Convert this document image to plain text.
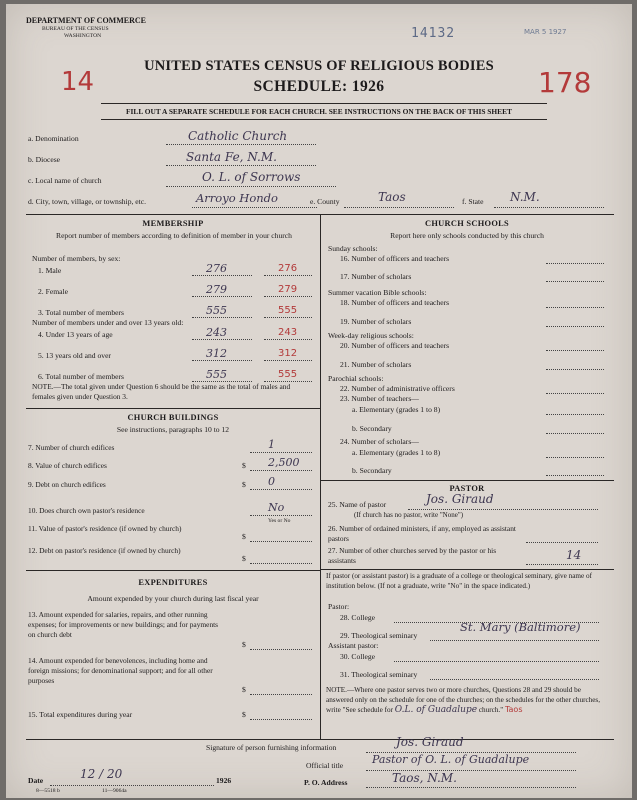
DEPARTMENT OF COMMERCE
BUREAU OF THE CENSUS
WASHINGTON	14132	MAR 5 1927
14	178
UNITED STATES CENSUS OF RELIGIOUS BODIES
SCHEDULE: 1926
FILL OUT A SEPARATE SCHEDULE FOR EACH CHURCH. SEE INSTRUCTIONS ON THE BACK OF THIS SHEET
a. Denomination	Catholic Church
b. Diocese	Santa Fe, N.M.
c. Local name of church	O. L. of Sorrows
d. City, town, village, or township, etc.	Arroyo Hondo	e. County	Taos	f. State N.M.
MEMBERSHIP
Report number of members according to definition of member in your church
Number of members, by sex:
1. Male	276	276
2. Female	279	279
3. Total number of members	555	555
Number of members under and over 13 years old:
4. Under 13 years of age	243	243
5. 13 years old and over	312	312
6. Total number of members	555	555
NOTE.—The total given under Question 6 should be the same as the total of males and females given under Question 3.
CHURCH BUILDINGS
See instructions, paragraphs 10 to 12
7. Number of church edifices	1
8. Value of church edifices	$ 2,500
9. Debt on church edifices	$ 0
10. Does church own pastor's residence	No
Yes or No
11. Value of pastor's residence (if owned by church)
$
12. Debt on pastor's residence (if owned by church)
$
EXPENDITURES
Amount expended by your church during last fiscal year
13. Amount expended for salaries, repairs, and other running expenses; for improvements or new buildings; and for payments on church debt
$
14. Amount expended for benevolences, including home and foreign missions; for denominational support; and for all other purposes
$
15. Total expenditures during year	$
CHURCH SCHOOLS
Report here only schools conducted by this church
Sunday schools:
16. Number of officers and teachers
17. Number of scholars
Summer vacation Bible schools:
18. Number of officers and teachers
19. Number of scholars
Week-day religious schools:
20. Number of officers and teachers
21. Number of scholars
Parochial schools:
22. Number of administrative officers
23. Number of teachers—
a. Elementary (grades 1 to 8)
b. Secondary
24. Number of scholars—
a. Elementary (grades 1 to 8)
b. Secondary
PASTOR
25. Name of pastor	Jos. Giraud
(If church has no pastor, write "None")
26. Number of ordained ministers, if any, employed as assistant pastors
27. Number of other churches served by the pastor or his assistants	14
If pastor (or assistant pastor) is a graduate of a college or theological seminary, give name of institution below. (If not a graduate, write "No" in the space indicated.)
Pastor:
28. College
29. Theological seminary
St. Mary (Baltimore)
Assistant pastor:
30. College
31. Theological seminary
NOTE.—Where one pastor serves two or more churches, Questions 28 and 29 should be answered only on the schedule for one of the churches; on the schedules for the other churches, write "See schedule for O.L. of Guadalupe church." Taos
Signature of person furnishing information	Jos. Giraud
Official title	Pastor of O. L. of Guadalupe
Date	12 / 20	1926
8—5518 b	11—9064a
P. O. Address	Taos, N.M.
